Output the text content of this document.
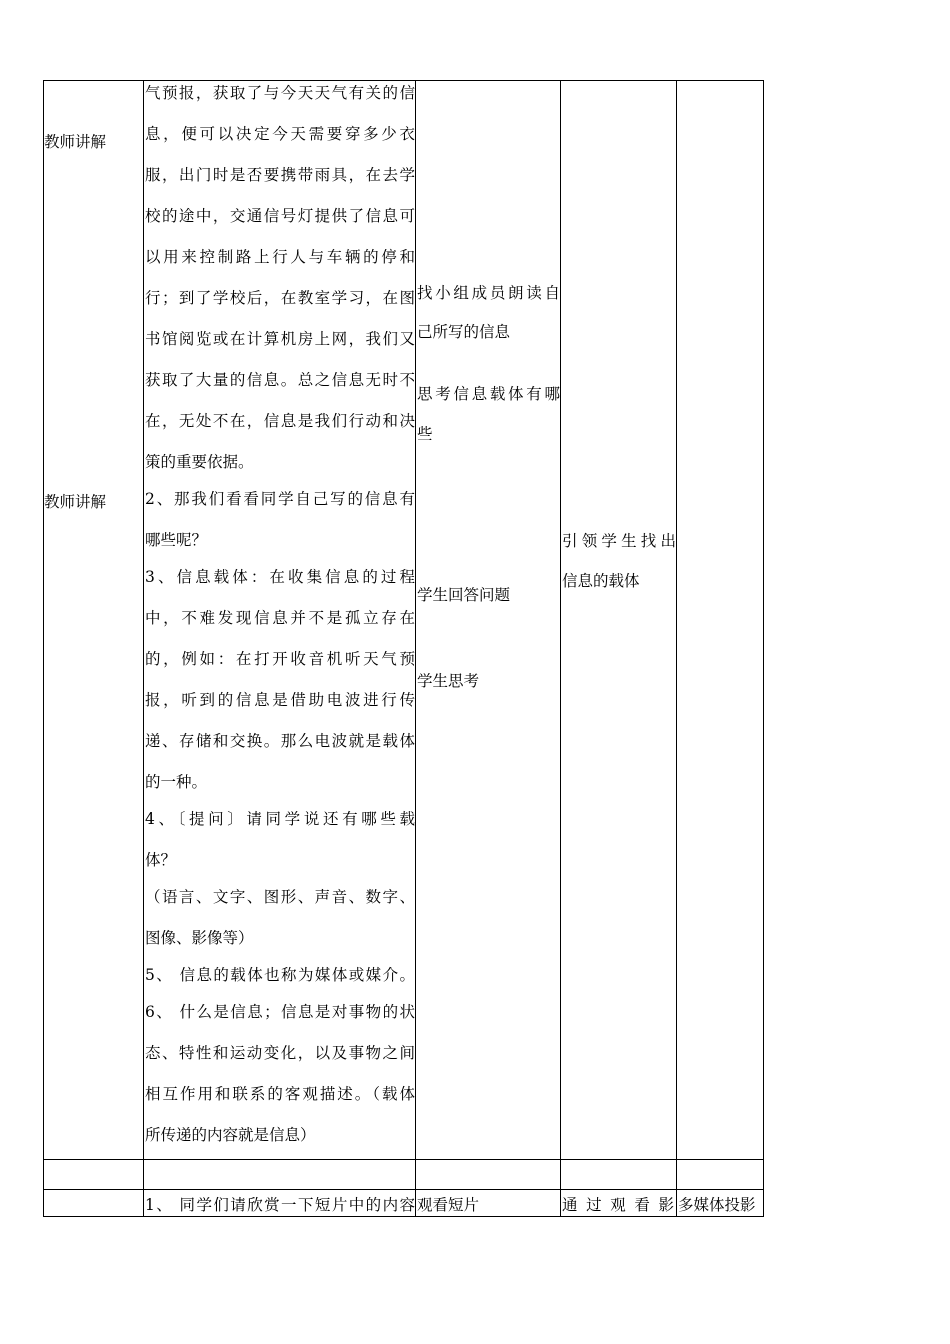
教师讲解
教师讲解
气预报，获取了与今天天气有关的信
息，便可以决定今天需要穿多少衣
服，出门时是否要携带雨具，在去学
校的途中，交通信号灯提供了信息可
以用来控制路上行人与车辆的停和
行；到了学校后，在教室学习，在图
书馆阅览或在计算机房上网，我们又
获取了大量的信息。总之信息无时不
在，无处不在，信息是我们行动和决
策的重要依据。
2、那我们看看同学自己写的信息有
哪些呢？
3、信息载体：在收集信息的过程
中，不难发现信息并不是孤立存在
的，例如：在打开收音机听天气预
报，听到的信息是借助电波进行传
递、存储和交换。那么电波就是载体
的一种。
4、〔提问〕请同学说还有哪些载
体？
（语言、文字、图形、声音、数字、
图像、影像等）
5、 信息的载体也称为媒体或媒介。
6、 什么是信息；信息是对事物的状
态、特性和运动变化，以及事物之间
相互作用和联系的客观描述。（载体
所传递的内容就是信息）
找小组成员朗读自
己所写的信息
思考信息载体有哪
些
学生回答问题
学生思考
引领学生找出
信息的载体
1、 同学们请欣赏一下短片中的内容 观看短片	通 过 观 看 影 多媒体投影
